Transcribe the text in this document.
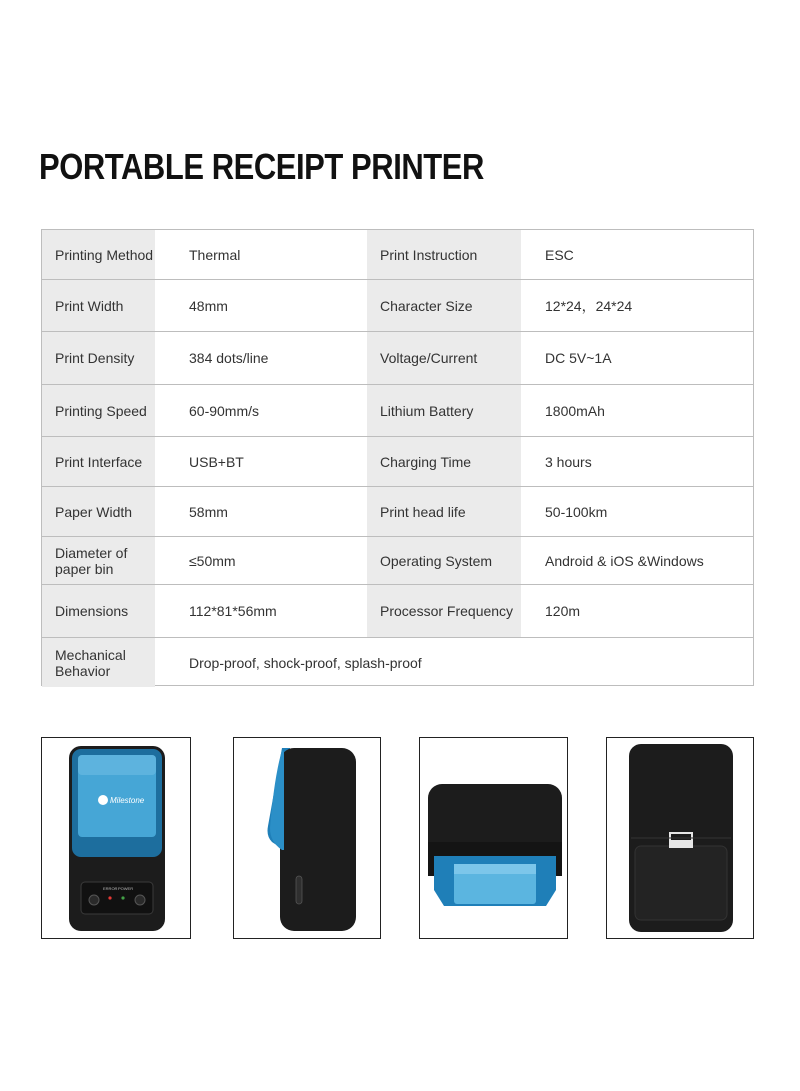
PORTABLE RECEIPT PRINTER
Printing Method	Thermal	Print Instruction	ESC
Print Width	48mm	Character Size	12*24，24*24
Print Density	384 dots/line	Voltage/Current	DC 5V~1A
Printing Speed	60-90mm/s	Lithium Battery	1800mAh
Print Interface	USB+BT	Charging Time	3 hours
Paper Width	58mm	Print head life	50-100km
Diameter of
paper bin	≤50mm	Operating System	Android & iOS &Windows
Dimensions	112*81*56mm	Processor Frequency	120m
Mechanical
Behavior	Drop-proof, shock-proof, splash-proof
Milestone
ERROR POWER
